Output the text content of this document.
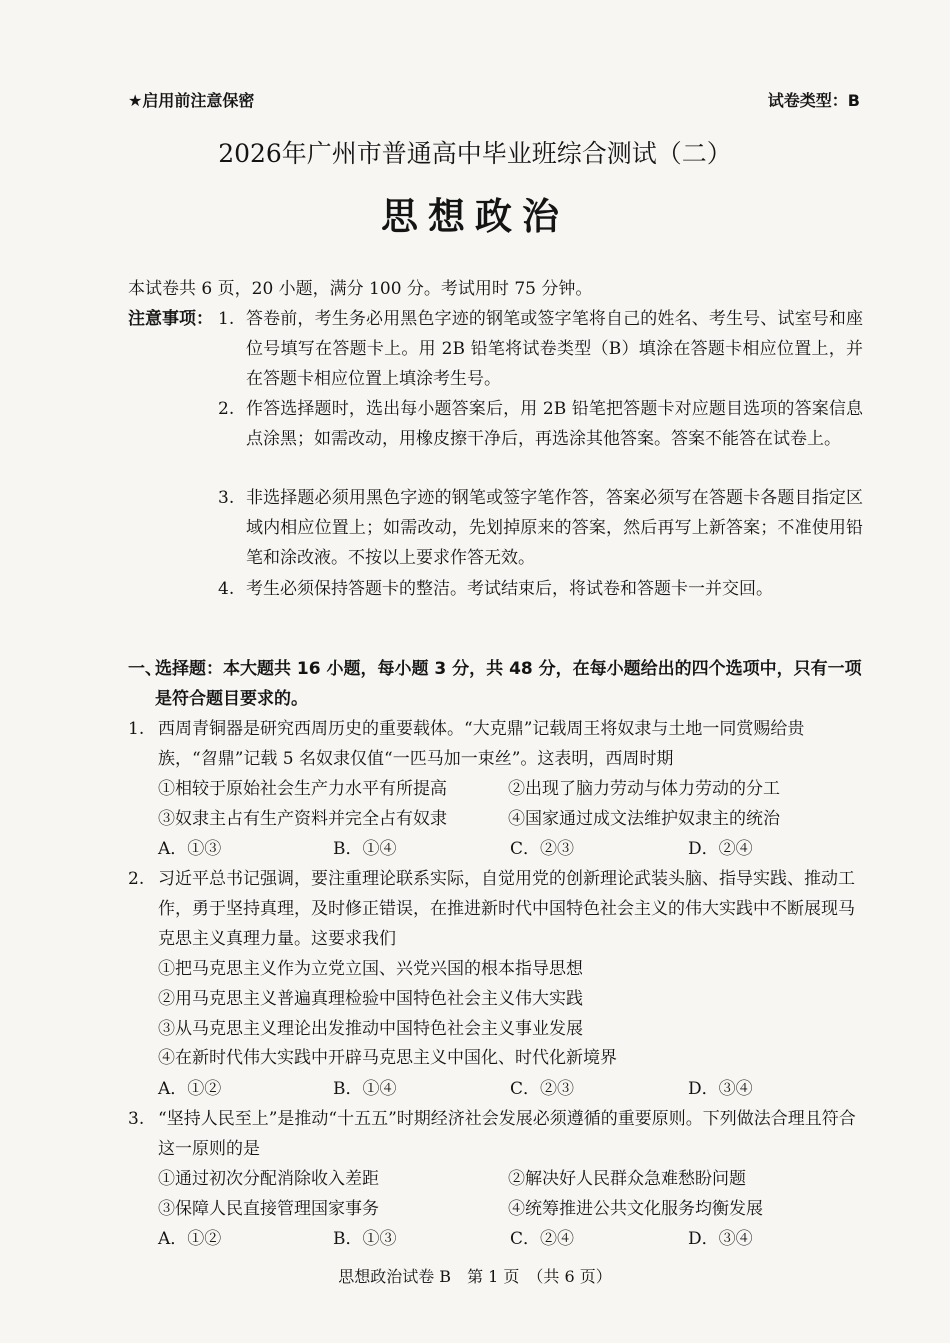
★启用前注意保密	试卷类型：B
2026年广州市普通高中毕业班综合测试（二）
思想政治
本试卷共 6 页，20 小题，满分 100 分。考试用时 75 分钟。
注意事项： 1. 答卷前，考生务必用黑色字迹的钢笔或签字笔将自己的姓名、考生号、试室号和座位号填写在答题卡上。用 2B 铅笔将试卷类型（B）填涂在答题卡相应位置上，并在答题卡相应位置上填涂考生号。
2. 作答选择题时，选出每小题答案后，用 2B 铅笔把答题卡对应题目选项的答案信息点涂黑；如需改动，用橡皮擦干净后，再选涂其他答案。答案不能答在试卷上。
3. 非选择题必须用黑色字迹的钢笔或签字笔作答，答案必须写在答题卡各题目指定区域内相应位置上；如需改动，先划掉原来的答案，然后再写上新答案；不准使用铅笔和涂改液。不按以上要求作答无效。
4. 考生必须保持答题卡的整洁。考试结束后，将试卷和答题卡一并交回。
一、
选择题：本大题共 16 小题，每小题 3 分，共 48 分，在每小题给出的四个选项中，只有一项是符合题目要求的。
1. 西周青铜器是研究西周历史的重要载体。“大克鼎”记载周王将奴隶与土地一同赏赐给贵族，“曶鼎”记载 5 名奴隶仅值“一匹马加一束丝”。这表明，西周时期
①相较于原始社会生产力水平有所提高	②出现了脑力劳动与体力劳动的分工
③奴隶主占有生产资料并完全占有奴隶	④国家通过成文法维护奴隶主的统治
A．①③	B．①④	C．②③	D．②④
2. 习近平总书记强调，要注重理论联系实际，自觉用党的创新理论武装头脑、指导实践、推动工作，勇于坚持真理，及时修正错误，在推进新时代中国特色社会主义的伟大实践中不断展现马克思主义真理力量。这要求我们
①把马克思主义作为立党立国、兴党兴国的根本指导思想
②用马克思主义普遍真理检验中国特色社会主义伟大实践
③从马克思主义理论出发推动中国特色社会主义事业发展
④在新时代伟大实践中开辟马克思主义中国化、时代化新境界
A．①②	B．①④	C．②③	D．③④
3. “坚持人民至上”是推动“十五五”时期经济社会发展必须遵循的重要原则。下列做法合理且符合这一原则的是
①通过初次分配消除收入差距	②解决好人民群众急难愁盼问题
③保障人民直接管理国家事务	④统筹推进公共文化服务均衡发展
A．①②	B．①③	C．②④	D．③④
思想政治试卷 B　第 1 页　（共 6 页）
